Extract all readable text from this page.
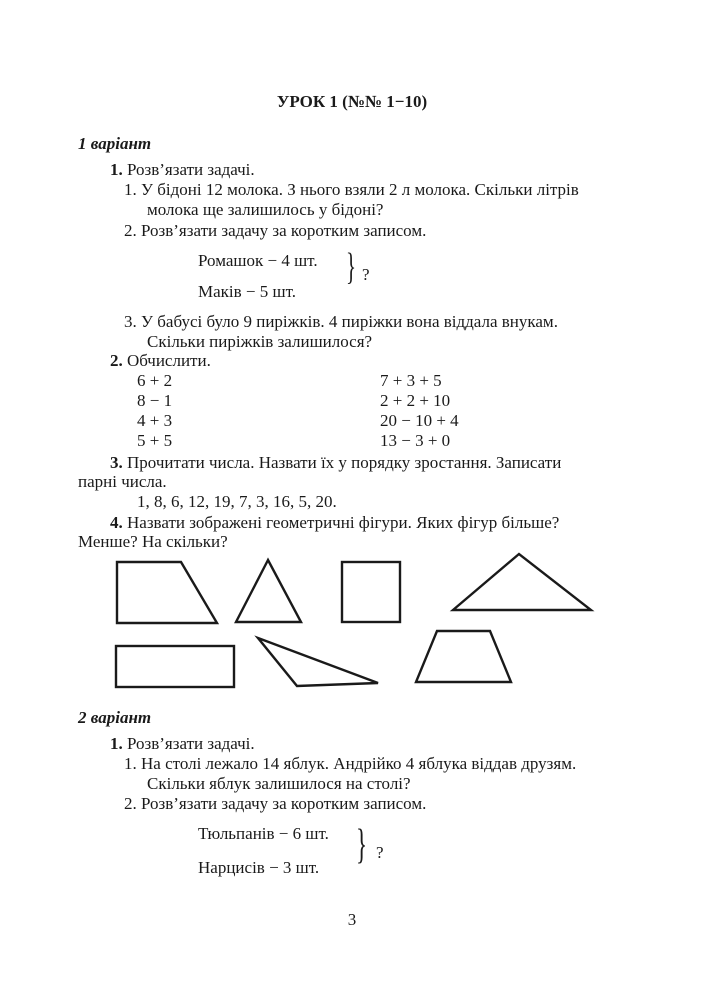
УРОК 1 (№№ 1−10)
1 варіант
1. Розв’язати задачі.
1. У бідоні 12 молока. З нього взяли 2 л молока. Скільки літрів
молока ще залишилось у бідоні?
2. Розв’язати задачу за коротким записом.
Ромашок − 4 шт.
Маків − 5 шт.
} ?
3. У бабусі було 9 пиріжків. 4 пиріжки вона віддала внукам.
Скільки пиріжків залишилося?
2. Обчислити.
6 + 2
8 − 1
4 + 3
5 + 5
7 + 3 + 5
2 + 2 + 10
20 − 10 + 4
13 − 3 + 0
3. Прочитати числа. Назвати їх у порядку зростання. Записати
парні числа.
1, 8, 6, 12, 19, 7, 3, 16, 5, 20.
4. Назвати зображені геометричні фігури. Яких фігур більше?
Менше? На скільки?
2 варіант
1. Розв’язати задачі.
1. На столі лежало 14 яблук. Андрійко 4 яблука віддав друзям.
Скільки яблук залишилося на столі?
2. Розв’язати задачу за коротким записом.
Тюльпанів − 6 шт.
Нарцисів − 3 шт. } ?
3
